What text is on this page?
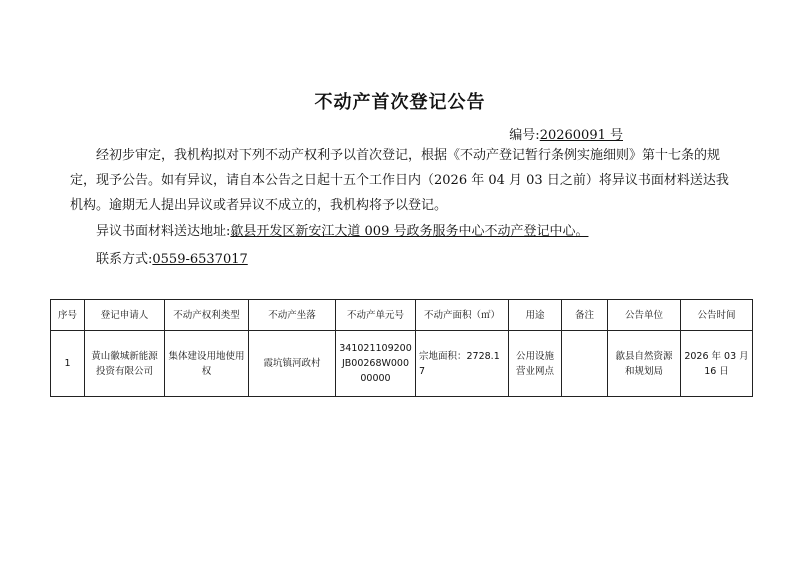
不动产首次登记公告
编号:20260091 号

经初步审定，我机构拟对下列不动产权利予以首次登记，根据《不动产登记暂行条例实施细则》第十七条的规定，现予公告。如有异议，请自本公告之日起十五个工作日内（2026 年 04 月 03 日之前）将异议书面材料送达我机构。逾期无人提出异议或者异议不成立的，我机构将予以登记。

异议书面材料送达地址:歙县开发区新安江大道 009 号政务服务中心不动产登记中心。
联系方式:0559-6537017
序号	登记申请人	不动产权利类型	不动产坐落	不动产单元号	不动产面积（㎡）	用途	备注	公告单位	公告时间
1	黄山徽城新能源投资有限公司	集体建设用地使用权	霞坑镇河政村	341021109200JB00268W00000000	宗地面积：2728.17	公用设施营业网点		歙县自然资源和规划局	2026 年 03 月 16 日
